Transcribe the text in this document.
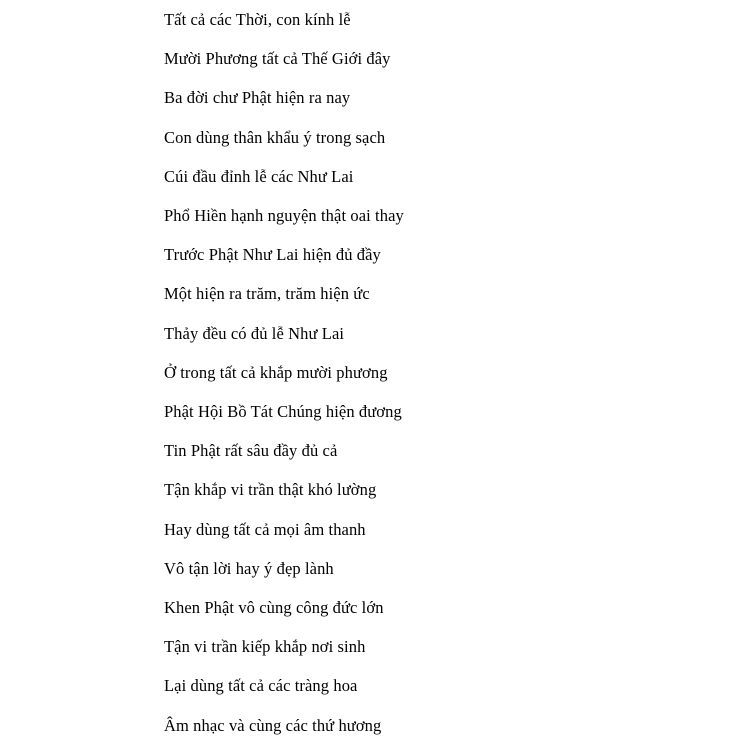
Tất cả các Thời, con kính lễ
Mười Phương tất cả Thế Giới đây
Ba đời chư Phật hiện ra nay
Con dùng thân khẩu ý trong sạch
Cúi đầu đỉnh lễ các Như Lai
Phổ Hiền hạnh nguyện thật oai thay
Trước Phật Như Lai hiện đủ đầy
Một hiện ra trăm, trăm hiện ức
Thảy đều có đủ lễ Như Lai
Ở trong tất cả khắp mười phương
Phật Hội Bồ Tát Chúng hiện đương
Tin Phật rất sâu đầy đủ cả
Tận khắp vi trần thật khó lường
Hay dùng tất cả mọi âm thanh
Vô tận lời hay ý đẹp lành
Khen Phật vô cùng công đức lớn
Tận vi trần kiếp khắp nơi sinh
Lại dùng tất cả các tràng hoa
Âm nhạc và cùng các thứ hương
